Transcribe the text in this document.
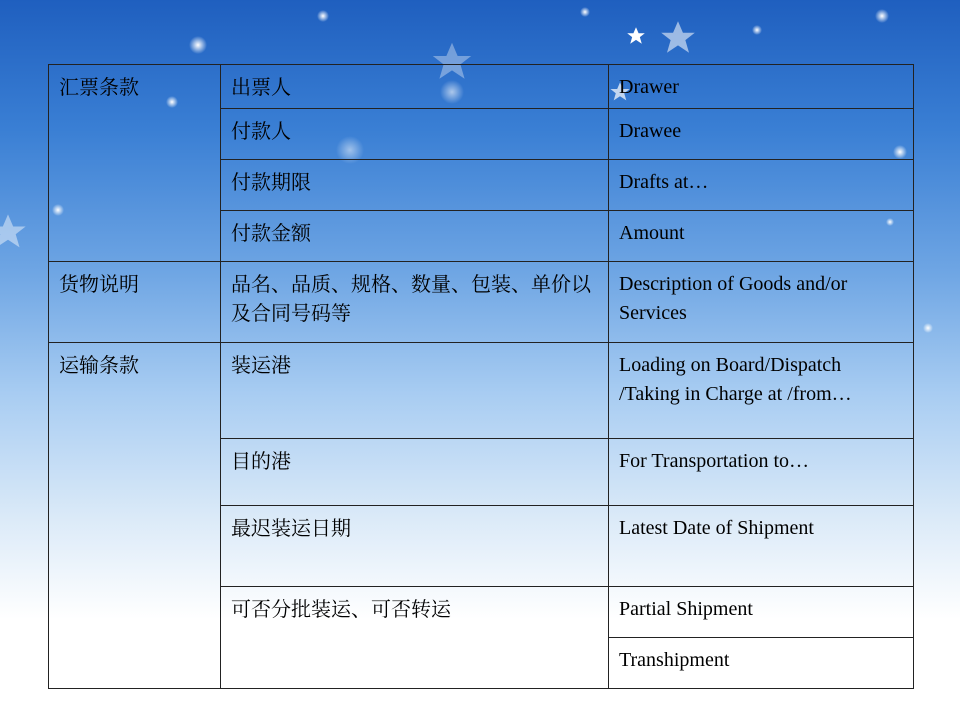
汇票条款	出票人	Drawer
	付款人	Drawee
	付款期限	Drafts at…
	付款金额	Amount
货物说明	品名、品质、规格、数量、包装、单价以及合同号码等	Description of Goods and/or Services
运输条款	装运港	Loading on Board/Dispatch /Taking in Charge at /from…
	目的港	For Transportation to…
	最迟装运日期	Latest Date of Shipment
	可否分批装运、可否转运	Partial Shipment
		Transhipment
